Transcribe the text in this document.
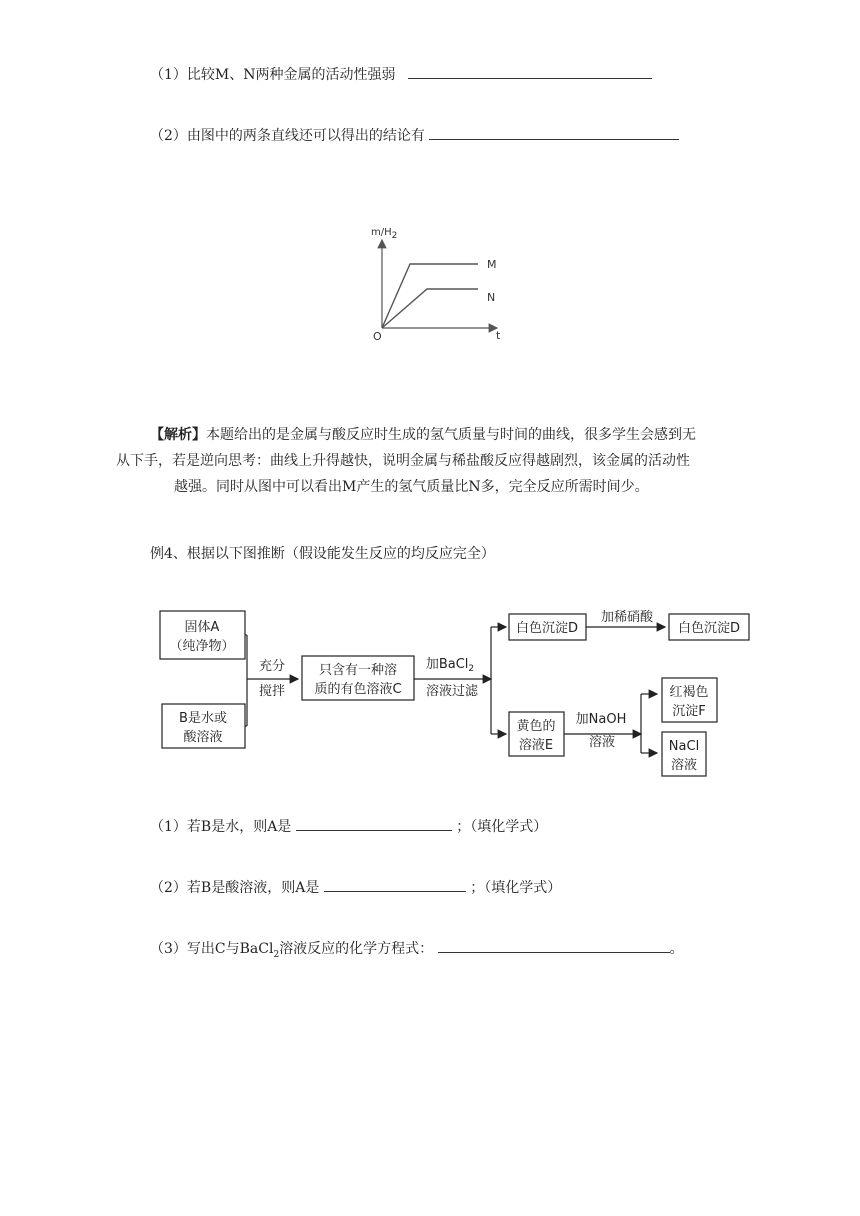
（1）比较M、N两种金属的活动性强弱
（2）由图中的两条直线还可以得出的结论有
m/H2
O	t
M
N

【解析】本题给出的是金属与酸反应时生成的氢气质量与时间的曲线，很多学生会感到无

从下手，若是逆向思考：曲线上升得越快，说明金属与稀盐酸反应得越剧烈，该金属的活动性

越强。同时从图中可以看出M产生的氢气质量比N多，完全反应所需时间少。

例4、根据以下图推断（假设能发生反应的均反应完全）
固体A
（纯净物）
B是水或
酸溶液
充分
搅拌
只含有一种溶
质的有色溶液C
加BaCl$_2$
溶液过滤
白色沉淀D
加稀硝酸
白色沉淀D
黄色的
溶液E
加NaOH
溶液
红褐色
沉淀F
NaCl
溶液
（1）若B是水，则A是	；（填化学式）
（2）若B是酸溶液，则A是	；（填化学式）
（3）写出C与BaCl$_2$溶液反应的化学方程式：	。
